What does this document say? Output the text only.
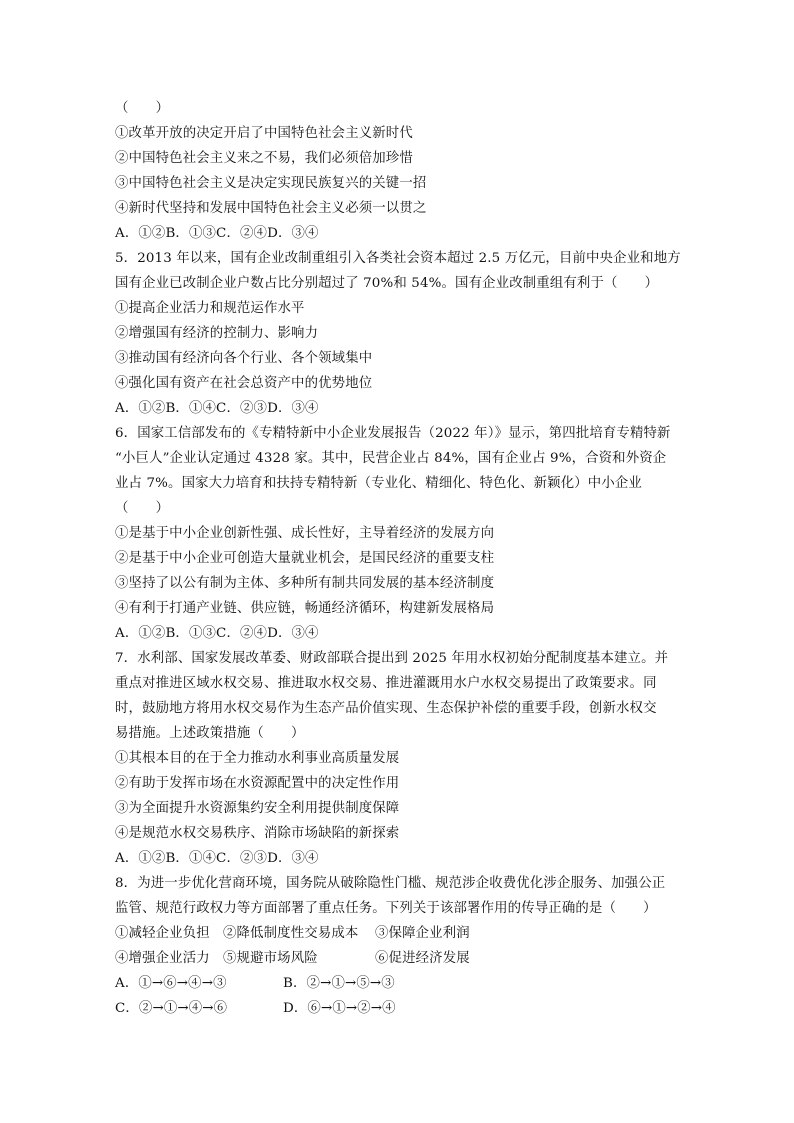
（　　）
①改革开放的决定开启了中国特色社会主义新时代
②中国特色社会主义来之不易，我们必须倍加珍惜
③中国特色社会主义是决定实现民族复兴的关键一招
④新时代坚持和发展中国特色社会主义必须一以贯之
A．①②B．①③C．②④D．③④
5．2013 年以来，国有企业改制重组引入各类社会资本超过 2.5 万亿元，目前中央企业和地方
国有企业已改制企业户数占比分别超过了 70%和 54%。国有企业改制重组有利于（　　）
①提高企业活力和规范运作水平
②增强国有经济的控制力、影响力
③推动国有经济向各个行业、各个领域集中
④强化国有资产在社会总资产中的优势地位
A．①②B．①④C．②③D．③④
6．国家工信部发布的《专精特新中小企业发展报告（2022 年）》显示，第四批培育专精特新
“小巨人”企业认定通过 4328 家。其中，民营企业占 84%，国有企业占 9%，合资和外资企
业占 7%。国家大力培育和扶持专精特新（专业化、精细化、特色化、新颖化）中小企业
（　　）
①是基于中小企业创新性强、成长性好，主导着经济的发展方向
②是基于中小企业可创造大量就业机会，是国民经济的重要支柱
③坚持了以公有制为主体、多种所有制共同发展的基本经济制度
④有利于打通产业链、供应链，畅通经济循环，构建新发展格局
A．①②B．①③C．②④D．③④
7．水利部、国家发展改革委、财政部联合提出到 2025 年用水权初始分配制度基本建立。并
重点对推进区域水权交易、推进取水权交易、推进灌溉用水户水权交易提出了政策要求。同
时，鼓励地方将用水权交易作为生态产品价值实现、生态保护补偿的重要手段，创新水权交
易措施。上述政策措施（　　）
①其根本目的在于全力推动水利事业高质量发展
②有助于发挥市场在水资源配置中的决定性作用
③为全面提升水资源集约安全利用提供制度保障
④是规范水权交易秩序、消除市场缺陷的新探索
A．①②B．①④C．②③D．③④
8．为进一步优化营商环境，国务院从破除隐性门槛、规范涉企收费优化涉企服务、加强公正
监管、规范行政权力等方面部署了重点任务。下列关于该部署作用的传导正确的是（　　）
①减轻企业负担 ②降低制度性交易成本	③保障企业利润
④增强企业活力 ⑤规避市场风险	⑥促进经济发展
A．①→⑥→④→③	B．②→①→⑤→③
C．②→①→④→⑥	D．⑥→①→②→④
